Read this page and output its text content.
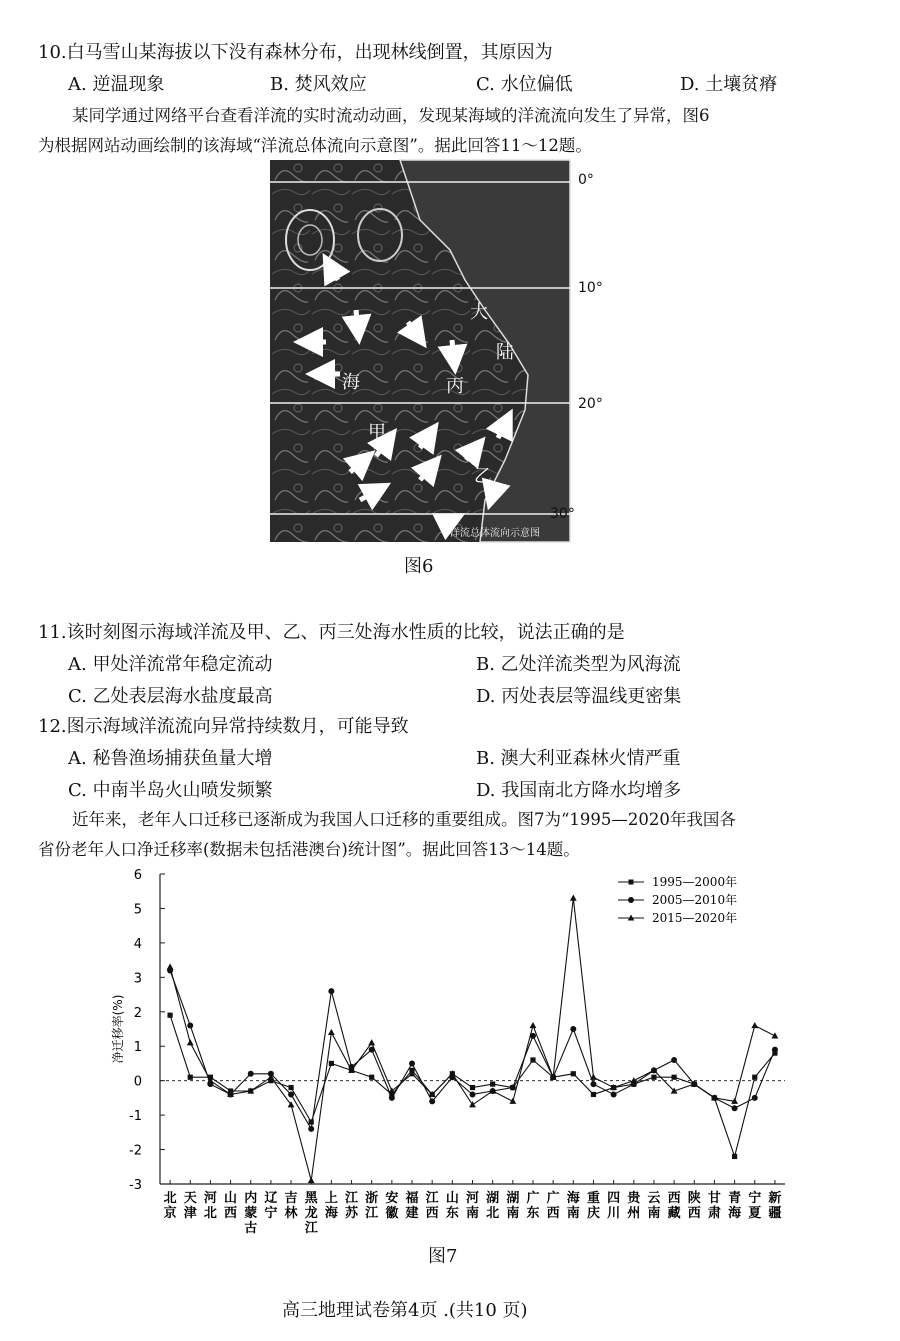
10.白马雪山某海拔以下没有森林分布，出现林线倒置，其原因为
A. 逆温现象	B. 焚风效应	C. 水位偏低	D. 土壤贫瘠
某同学通过网络平台查看洋流的实时流动动画，发现某海域的洋流流向发生了异常，图6
为根据网站动画绘制的该海域“洋流总体流向示意图”。据此回答11～12题。
大
陆
海	丙
甲
乙
洋流总体流向示意图
0°
10°
20°
30°
图6
11.该时刻图示海域洋流及甲、乙、丙三处海水性质的比较，说法正确的是
A. 甲处洋流常年稳定流动	B. 乙处洋流类型为风海流
C. 乙处表层海水盐度最高	D. 丙处表层等温线更密集
12.图示海域洋流流向异常持续数月，可能导致
A. 秘鲁渔场捕获鱼量大增	B. 澳大利亚森林火情严重
C. 中南半岛火山喷发频繁	D. 我国南北方降水均增多
近年来，老年人口迁移已逐渐成为我国人口迁移的重要组成。图7为“1995—2020年我国各
省份老年人口净迁移率(数据未包括港澳台)统计图”。据此回答13～14题。
6
5
4
3
2
1
0
-1
-2
-3
净迁移率(%)
北京
天津
河北
山西
内蒙古
辽宁
吉林
黑龙江
上海
江苏
浙江
安徽
福建
江西
山东
河南
湖北
湖南
广东
广西
海南
重庆
四川
贵州
云南
西藏
陕西
甘肃
青海
宁夏
新疆
1995—2000年
2005—2010年
2015—2020年
图7
高三地理试卷第4页 .(共10 页)
